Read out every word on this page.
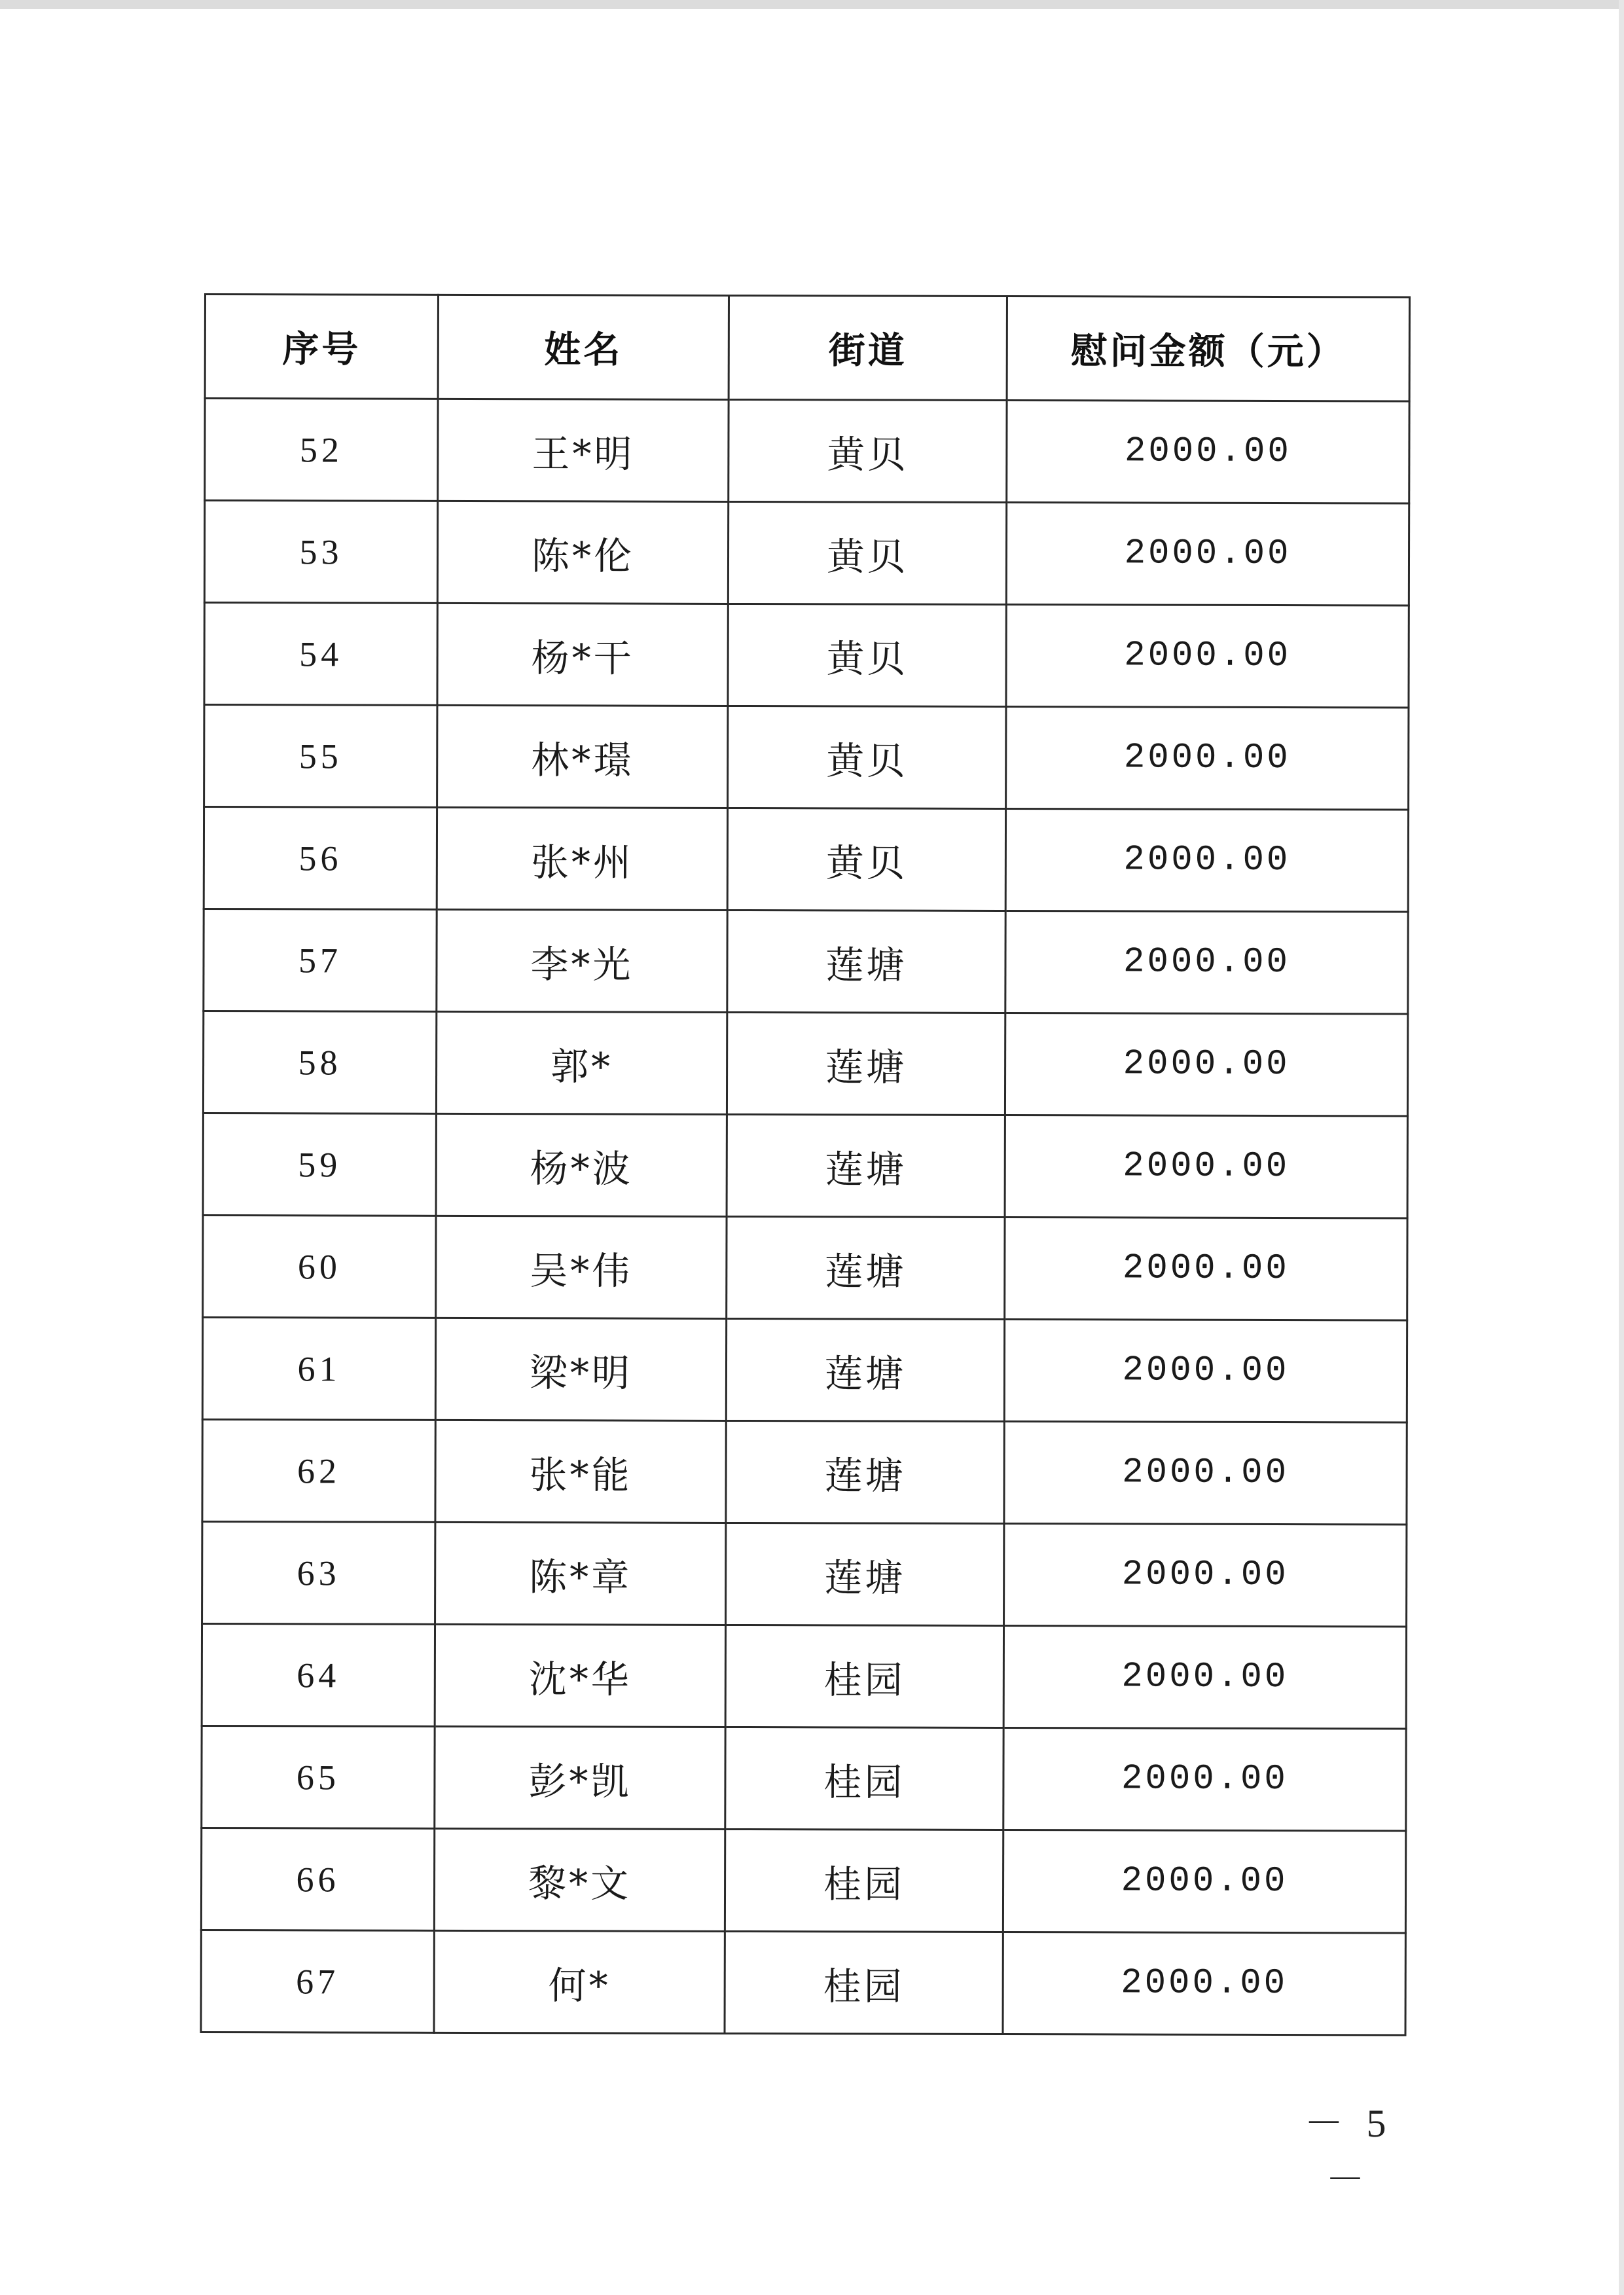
序号	姓名	街道	慰问金额（元）
52	王*明	黄贝	2000.00
53	陈*伦	黄贝	2000.00
54	杨*干	黄贝	2000.00
55	林*璟	黄贝	2000.00
56	张*州	黄贝	2000.00
57	李*光	莲塘	2000.00
58	郭*	莲塘	2000.00
59	杨*波	莲塘	2000.00
60	吴*伟	莲塘	2000.00
61	梁*明	莲塘	2000.00
62	张*能	莲塘	2000.00
63	陈*章	莲塘	2000.00
64	沈*华	桂园	2000.00
65	彭*凯	桂园	2000.00
66	黎*文	桂园	2000.00
67	何*	桂园	2000.00
－ 5 －
